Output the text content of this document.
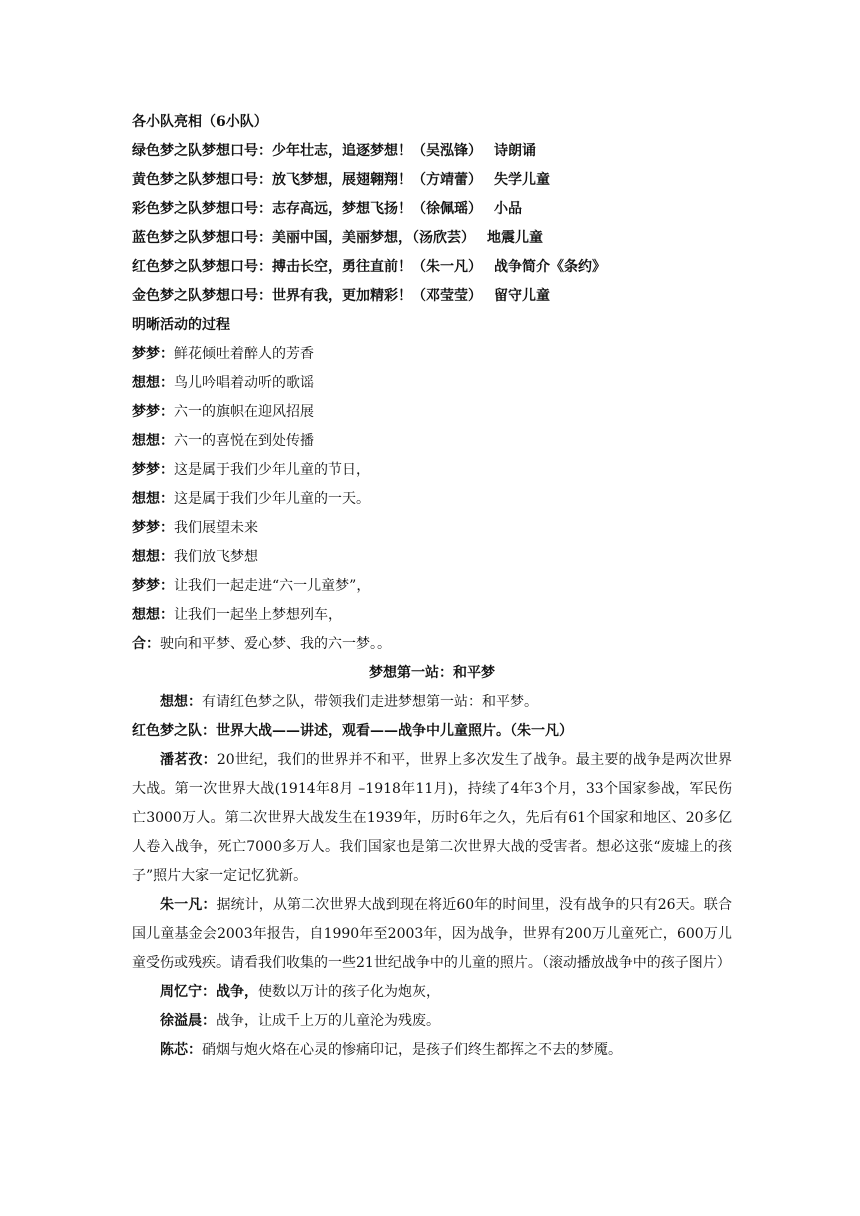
各小队亮相（6小队）
绿色梦之队梦想口号：少年壮志，追逐梦想！（吴泓锋） 诗朗诵
黄色梦之队梦想口号：放飞梦想，展翅翱翔！（方靖蕾） 失学儿童
彩色梦之队梦想口号：志存高远，梦想飞扬！（徐佩瑶） 小品
蓝色梦之队梦想口号：美丽中国，美丽梦想，（汤欣芸） 地震儿童
红色梦之队梦想口号：搏击长空，勇往直前！（朱一凡） 战争简介《条约》
金色梦之队梦想口号：世界有我，更加精彩！（邓莹莹） 留守儿童
明晰活动的过程
梦梦：鲜花倾吐着醉人的芳香
想想：鸟儿吟唱着动听的歌谣
梦梦：六一的旗帜在迎风招展
想想：六一的喜悦在到处传播
梦梦：这是属于我们少年儿童的节日，
想想：这是属于我们少年儿童的一天。
梦梦：我们展望未来
想想：我们放飞梦想
梦梦：让我们一起走进“六一儿童梦”，
想想：让我们一起坐上梦想列车，
合：驶向和平梦、爱心梦、我的六一梦。。
梦想第一站：和平梦
想想：有请红色梦之队，带领我们走进梦想第一站：和平梦。
红色梦之队：世界大战——讲述，观看——战争中儿童照片。（朱一凡）
潘茗孜：20世纪，我们的世界并不和平，世界上多次发生了战争。最主要的战争是两次世界大战。第一次世界大战(1914年8月 –1918年11月)，持续了4年3个月，33个国家参战，军民伤亡3000万人。第二次世界大战发生在1939年，历时6年之久，先后有61个国家和地区、20多亿人卷入战争，死亡7000多万人。我们国家也是第二次世界大战的受害者。想必这张“废墟上的孩子”照片大家一定记忆犹新。
朱一凡：据统计，从第二次世界大战到现在将近60年的时间里，没有战争的只有26天。联合国儿童基金会2003年报告，自1990年至2003年，因为战争，世界有200万儿童死亡，600万儿童受伤或残疾。请看我们收集的一些21世纪战争中的儿童的照片。（滚动播放战争中的孩子图片）
周忆宁：战争，使数以万计的孩子化为炮灰，
徐溢晨：战争，让成千上万的儿童沦为残废。
陈芯：硝烟与炮火烙在心灵的惨痛印记，是孩子们终生都挥之不去的梦魇。
